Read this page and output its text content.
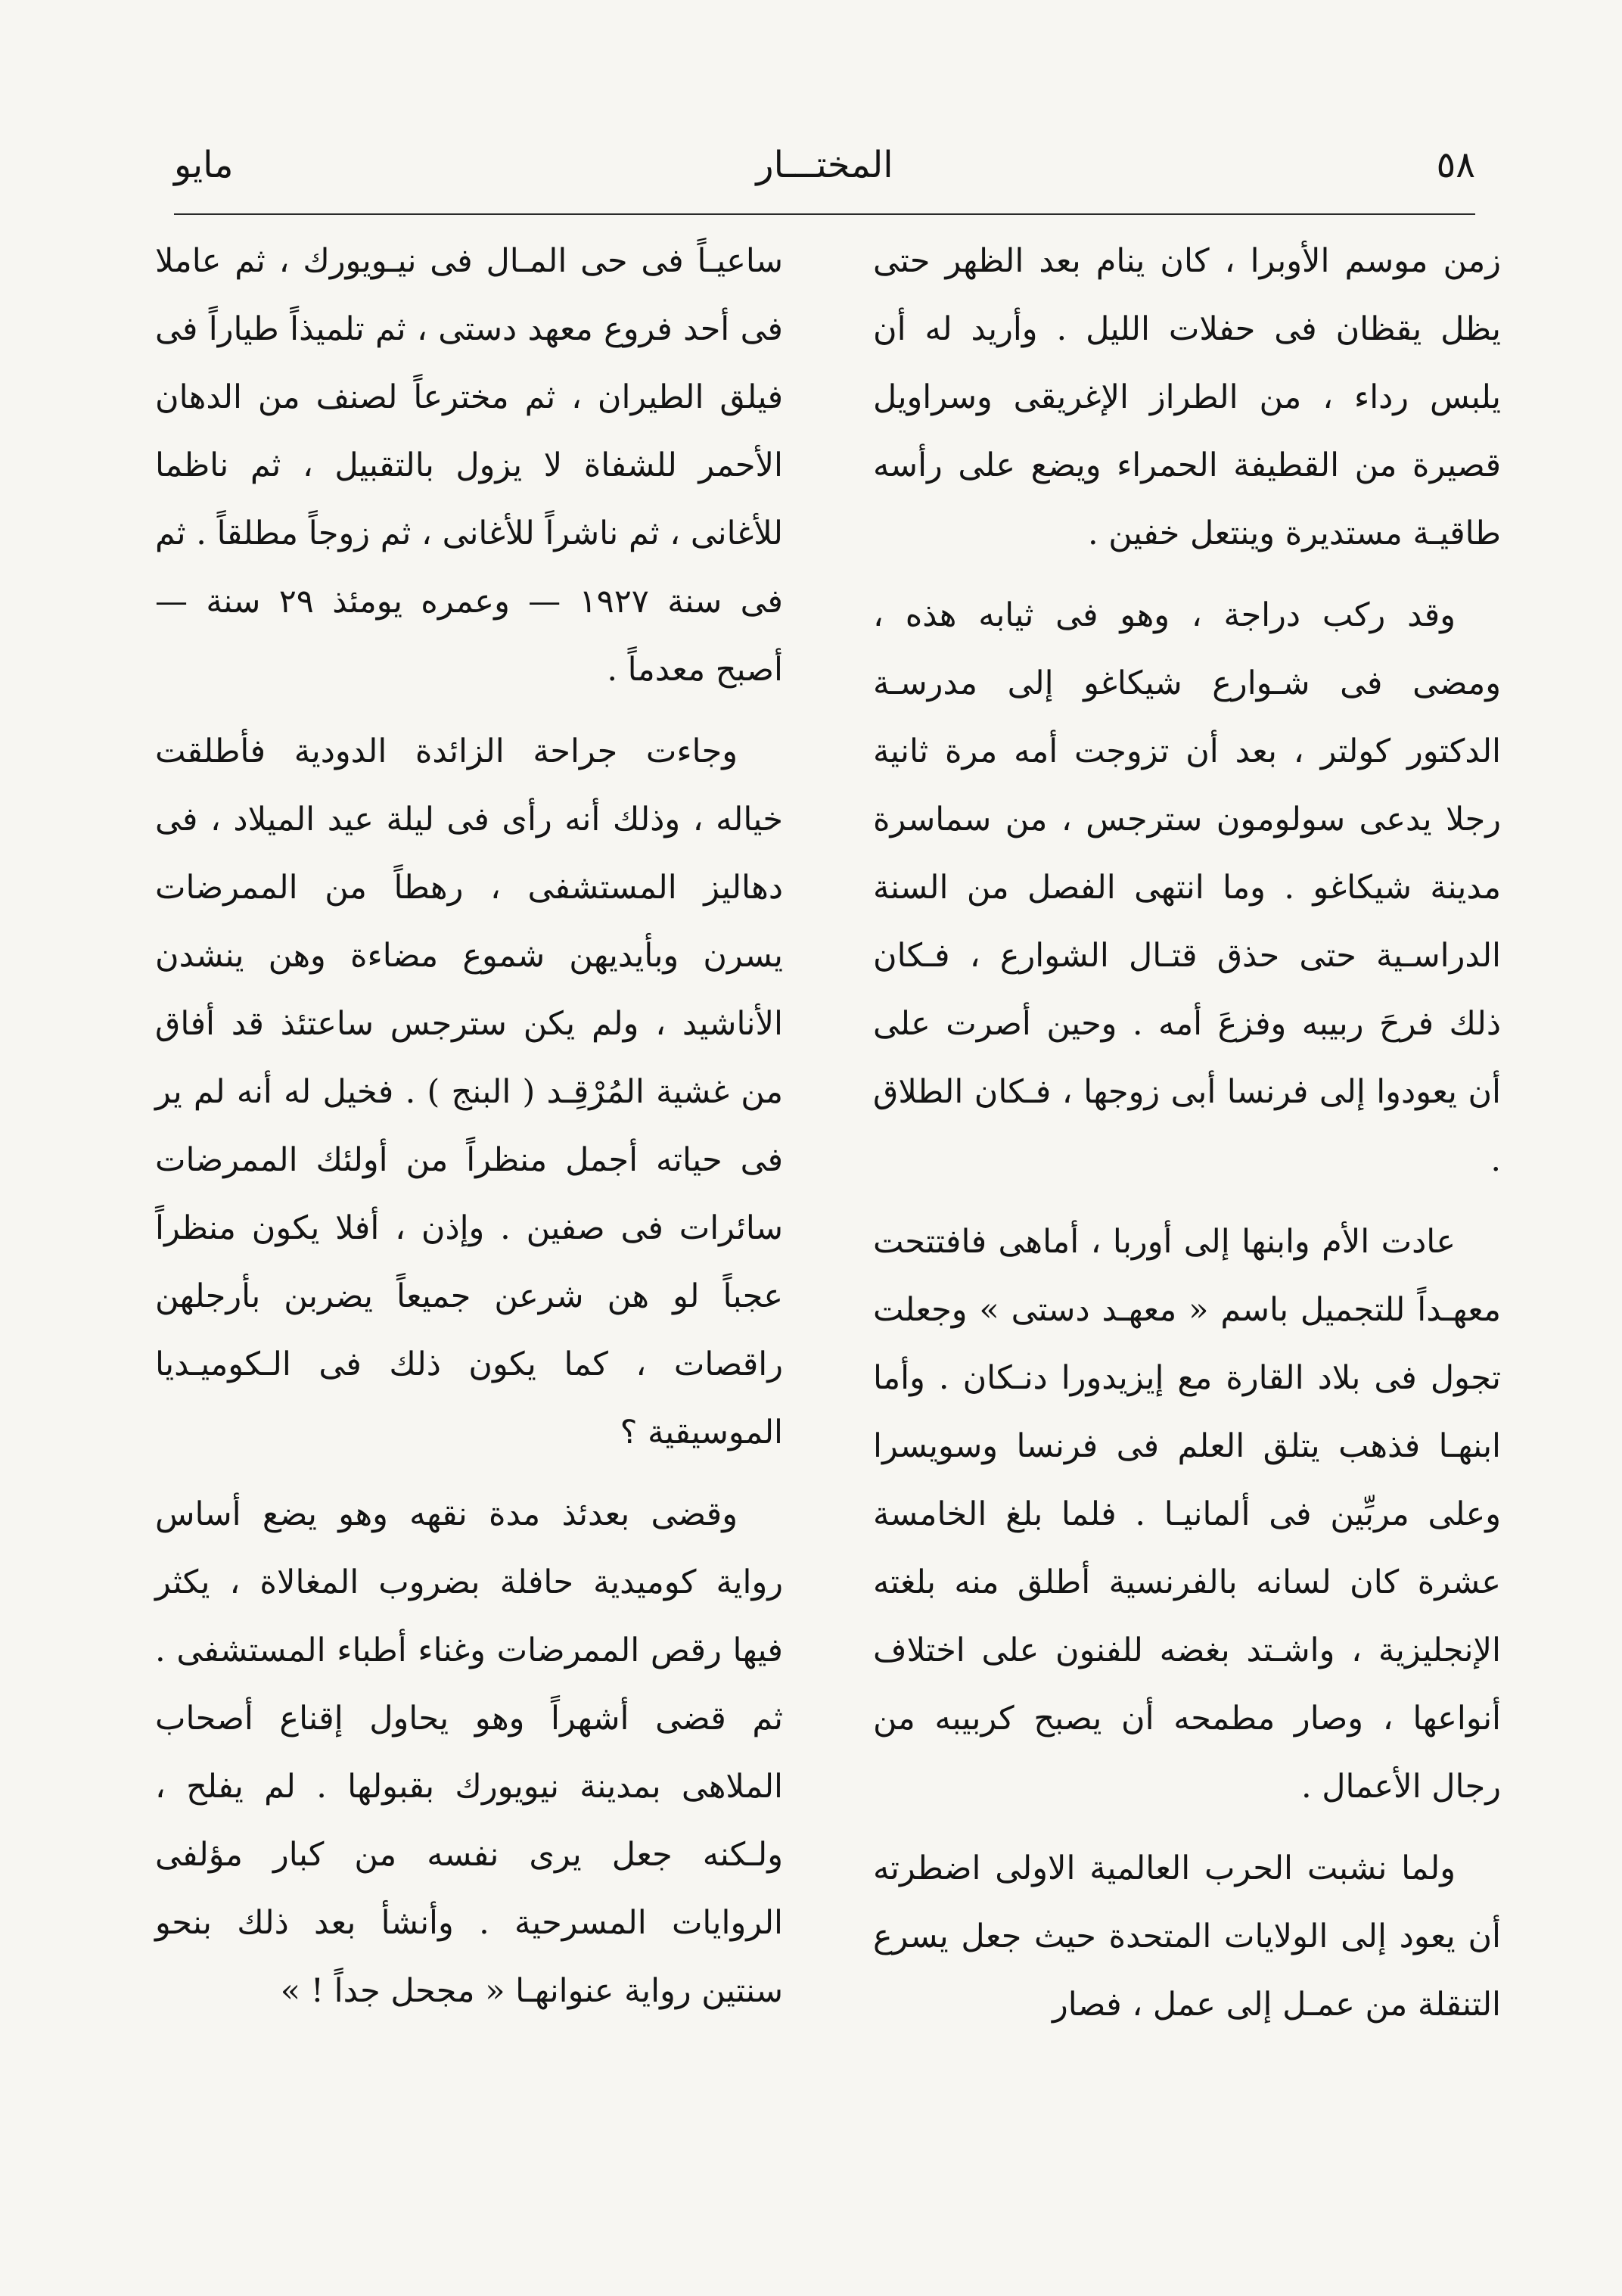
٥٨
المختـــار
مايو

زمن موسم الأوبرا ، كان ينام بعد الظهر حتى يظل يقظان فى حفلات الليل . وأريد له أن يلبس رداء ، من الطراز الإغريقى وسراويل قصيرة من القطيفة الحمراء ويضع على رأسه طاقيـة مستديرة وينتعل خفين .

وقد ركب دراجة ، وهو فى ثيابه هذه ، ومضى فى شـوارع شيكاغو إلى مدرسـة الدكتور كولتر ، بعد أن تزوجت أمه مرة ثانية رجلا يدعى سولومون سترجس ، من سماسرة مدينة شيكاغو . وما انتهى الفصل من السنة الدراسـية حتى حذق قتـال الشوارع ، فـكان ذلك فرحَ ربيبه وفزعَ أمه . وحين أصرت على أن يعودوا إلى فرنسا أبى زوجها ، فـكان الطلاق .

عادت الأم وابنها إلى أوربا ، أماهى فافتتحت معهـداً للتجميل باسم « معهـد دستى » وجعلت تجول فى بلاد القارة مع إيزيدورا دنـكان . وأما ابنهـا فذهب يتلق العلم فى فرنسا وسويسرا وعلى مربِّين فى ألمانيـا . فلما بلغ الخامسة عشرة كان لسانه بالفرنسية أطلق منه بلغته الإنجليزية ، واشـتد بغضه للفنون على اختلاف أنواعها ، وصار مطمحه أن يصبح كربيبه من رجال الأعمال .

ولما نشبت الحرب العالمية الاولى اضطرته أن يعود إلى الولايات المتحدة حيث جعل يسرع التنقلة من عمـل إلى عمل ، فصار

ساعيـاً فى حى المـال فى نيـويورك ، ثم عاملا فى أحد فروع معهد دستى ، ثم تلميذاً طياراً فى فيلق الطيران ، ثم مخترعاً لصنف من الدهان الأحمر للشفاة لا يزول بالتقبيل ، ثم ناظما للأغانى ، ثم ناشراً للأغانى ، ثم زوجاً مطلقاً . ثم فى سنة ١٩٢٧ — وعمره يومئذ ٢٩ سنة — أصبح معدماً .

وجاءت جراحة الزائدة الدودية فأطلقت خياله ، وذلك أنه رأى فى ليلة عيد الميلاد ، فى دهاليز المستشفى ، رهطاً من الممرضات يسرن وبأيديهن شموع مضاءة وهن ينشدن الأناشيد ، ولم يكن سترجس ساعتئذ قد أفاق من غشية المُرْقِـد ( البنج ) . فخيل له أنه لم ير فى حياته أجمل منظراً من أولئك الممرضات سائرات فى صفين . وإذن ، أفلا يكون منظراً عجباً لو هن شرعن جميعاً يضربن بأرجلهن راقصات ، كما يكون ذلك فى الـكوميـديا الموسيقية ؟

وقضى بعدئذ مدة نقهه وهو يضع أساس رواية كوميدية حافلة بضروب المغالاة ، يكثر فيها رقص الممرضات وغناء أطباء المستشفى . ثم قضى أشهراً وهو يحاول إقناع أصحاب الملاهى بمدينة نيويورك بقبولها . لم يفلح ، ولـكنه جعل يرى نفسه من كبار مؤلفى الروايات المسرحية . وأنشأ بعد ذلك بنحو سنتين رواية عنوانهـا « مجحل جداً ! »
